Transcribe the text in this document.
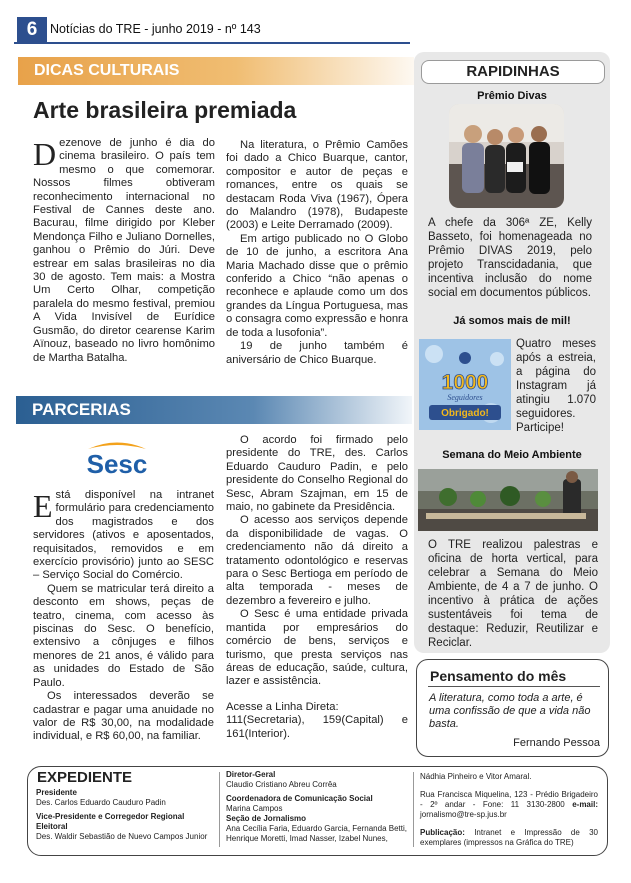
6	Notícias do TRE - junho 2019 - nº 143
DICAS CULTURAIS
Arte brasileira premiada

Dezenove de junho é dia do cinema brasileiro. O país tem mesmo o que comemorar. Nossos filmes obtiveram reconhecimento internacional no Festival de Cannes deste ano. Bacurau, filme dirigido por Kleber Mendonça Filho e Juliano Dornelles, ganhou o Prêmio do Júri. Deve estrear em salas brasileiras no dia 30 de agosto. Tem mais: a Mostra Um Certo Olhar, competição paralela do mesmo festival, premiou A Vida Invisível de Eurídice Gusmão, do diretor cearense Karim Aïnouz, baseado no livro homônimo de Martha Batalha.

Na literatura, o Prêmio Camões foi dado a Chico Buarque, cantor, compositor e autor de peças e romances, entre os quais se destacam Roda Viva (1967), Ópera do Malandro (1978), Budapeste (2003) e Leite Derramado (2009).

Em artigo publicado no O Globo de 10 de junho, a escritora Ana Maria Machado disse que o prêmio conferido a Chico “não apenas o reconhece e aplaude como um dos grandes da Língua Portuguesa, mas o consagra como expressão e honra de toda a lusofonia”.

19 de junho também é aniversário de Chico Buarque.

PARCERIAS
Sesc

Está disponível na intranet formulário para credenciamento dos magistrados e dos servidores (ativos e aposentados, requisitados, removidos e em exercício provisório) junto ao SESC – Serviço Social do Comércio.

Quem se matricular terá direito a desconto em shows, peças de teatro, cinema, com acesso às piscinas do Sesc. O benefício, extensivo a cônjuges e filhos menores de 21 anos, é válido para as unidades do Estado de São Paulo.

Os interessados deverão se cadastrar e pagar uma anuidade no valor de R$ 30,00, na modalidade individual, e R$ 60,00, na familiar.

O acordo foi firmado pelo presidente do TRE, des. Carlos Eduardo Cauduro Padin, e pelo presidente do Conselho Regional do Sesc, Abram Szajman, em 15 de maio, no gabinete da Presidência.

O acesso aos serviços depende da disponibilidade de vagas. O credenciamento não dá direito a tratamento odontológico e reservas para o Sesc Bertioga em período de alta temporada - meses de dezembro a fevereiro e julho.

O Sesc é uma entidade privada mantida por empresários do comércio de bens, serviços e turismo, que presta serviços nas áreas de educação, saúde, cultura, lazer e assistência.

Acesse a Linha Direta:

111(Secretaria), 159(Capital) e 161(Interior).

RAPIDINHAS
Prêmio Divas
A chefe da 306ª ZE, Kelly Basseto, foi homenageada no Prêmio DIVAS 2019, pelo projeto Transcidadania, que incentiva inclusão do nome social em documentos públicos.
Já somos mais de mil!
1000
Seguidores
Obrigado!
Quatro meses após a estreia, a página do Instagram já atingiu 1.070 seguidores. Participe!
Semana do Meio Ambiente
O TRE realizou palestras e oficina de horta vertical, para celebrar a Semana do Meio Ambiente, de 4 a 7 de junho. O incentivo à prática de ações sustentáveis foi tema de destaque: Reduzir, Reutilizar e Reciclar.
Pensamento do mês
A literatura, como toda a arte, é uma confissão de que a vida não basta.
Fernando Pessoa
EXPEDIENTE
Presidente
Des. Carlos Eduardo Cauduro Padin
Vice-Presidente e Corregedor Regional Eleitoral
Des. Waldir Sebastião de Nuevo Campos Junior
Diretor-Geral
Claudio Cristiano Abreu Corrêa
Coordenadora de Comunicação Social
Marina Campos
Seção de Jornalismo
Ana Cecília Faria, Eduardo Garcia, Fernanda Betti, Henrique Moretti, Imad Nasser, Izabel Nunes,
Nádhia Pinheiro e Vitor Amaral.
Rua Francisca Miquelina, 123 - Prédio Brigadeiro - 2º andar - Fone: 11 3130-2800 e-mail: jornalismo@tre-sp.jus.br
Publicação: Intranet e Impressão de 30 exemplares (impressos na Gráfica do TRE)
